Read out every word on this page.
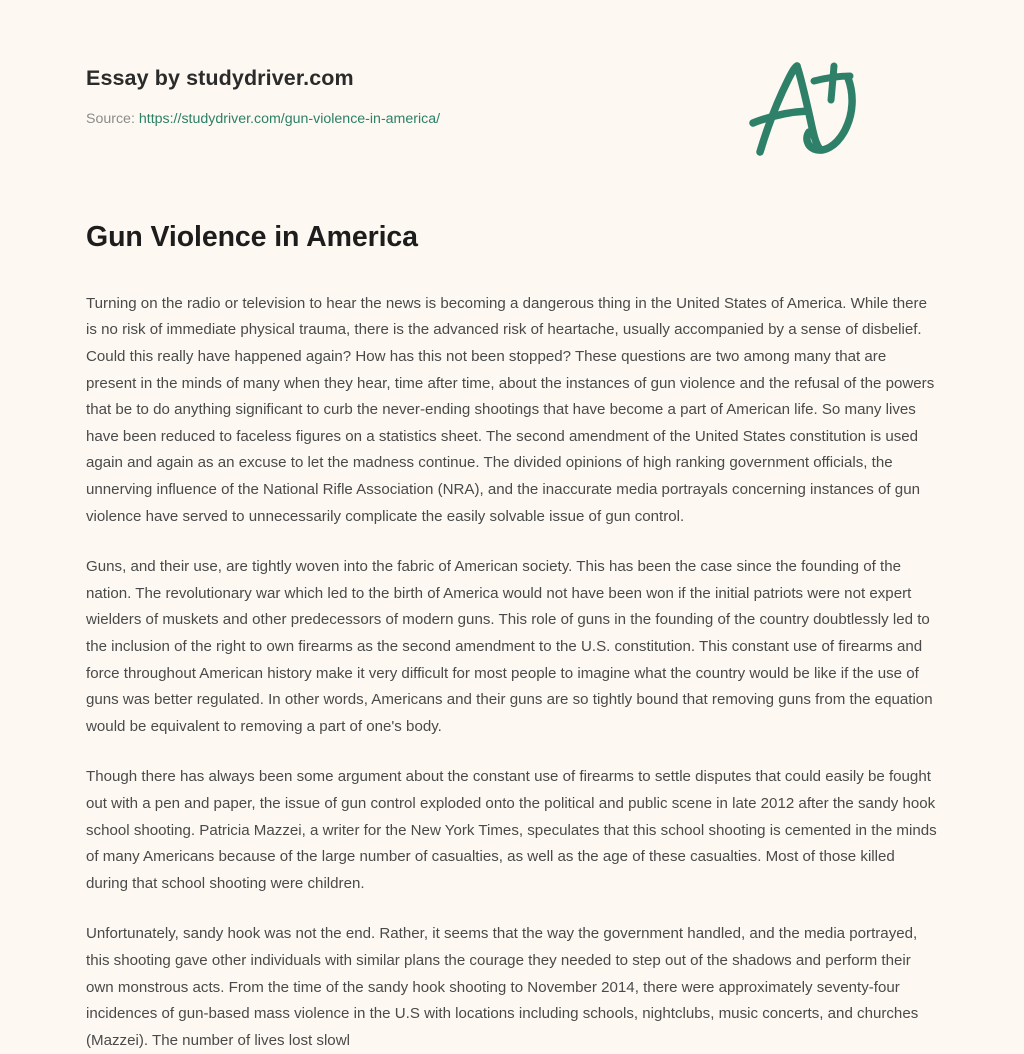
Essay by studydriver.com
Source: https://studydriver.com/gun-violence-in-america/
Gun Violence in America

Turning on the radio or television to hear the news is becoming a dangerous thing in the United States of America. While there is no risk of immediate physical trauma, there is the advanced risk of heartache, usually accompanied by a sense of disbelief. Could this really have happened again? How has this not been stopped? These questions are two among many that are present in the minds of many when they hear, time after time, about the instances of gun violence and the refusal of the powers that be to do anything significant to curb the never-ending shootings that have become a part of American life. So many lives have been reduced to faceless figures on a statistics sheet. The second amendment of the United States constitution is used again and again as an excuse to let the madness continue. The divided opinions of high ranking government officials, the unnerving influence of the National Rifle Association (NRA), and the inaccurate media portrayals concerning instances of gun violence have served to unnecessarily complicate the easily solvable issue of gun control.

Guns, and their use, are tightly woven into the fabric of American society. This has been the case since the founding of the nation. The revolutionary war which led to the birth of America would not have been won if the initial patriots were not expert wielders of muskets and other predecessors of modern guns. This role of guns in the founding of the country doubtlessly led to the inclusion of the right to own firearms as the second amendment to the U.S. constitution. This constant use of firearms and force throughout American history make it very difficult for most people to imagine what the country would be like if the use of guns was better regulated. In other words, Americans and their guns are so tightly bound that removing guns from the equation would be equivalent to removing a part of one's body.

Though there has always been some argument about the constant use of firearms to settle disputes that could easily be fought out with a pen and paper, the issue of gun control exploded onto the political and public scene in late 2012 after the sandy hook school shooting. Patricia Mazzei, a writer for the New York Times, speculates that this school shooting is cemented in the minds of many Americans because of the large number of casualties, as well as the age of these casualties. Most of those killed during that school shooting were children.

Unfortunately, sandy hook was not the end. Rather, it seems that the way the government handled, and the media portrayed, this shooting gave other individuals with similar plans the courage they needed to step out of the shadows and perform their own monstrous acts. From the time of the sandy hook shooting to November 2014, there were approximately seventy-four incidences of gun-based mass violence in the U.S with locations including schools, nightclubs, music concerts, and churches (Mazzei). The number of lives lost slowl
